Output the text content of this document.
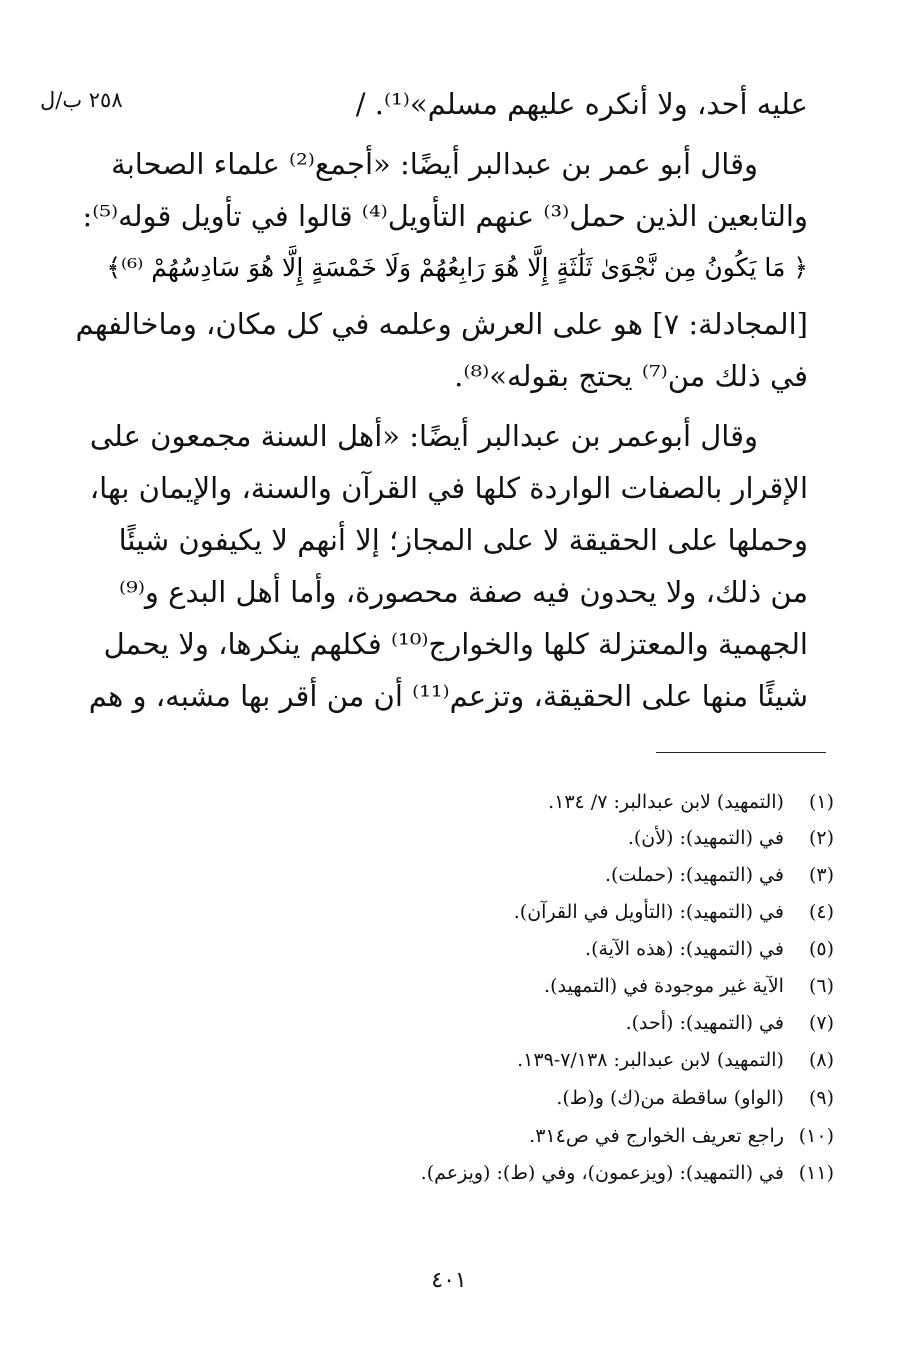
٢٥٨ ب/ل	عليه أحد، ولا أنكره عليهم مسلم»⁽¹⁾. /
وقال أبو عمر بن عبدالبر أيضًا: «أجمع⁽²⁾ علماء الصحابة
والتابعين الذين حمل⁽³⁾ عنهم التأويل⁽⁴⁾ قالوا في تأويل قوله⁽⁵⁾:
﴿ مَا يَكُونُ مِن نَّجْوَىٰ ثَلَٰثَةٍ إِلَّا هُوَ رَابِعُهُمْ وَلَا خَمْسَةٍ إِلَّا هُوَ سَادِسُهُمْ ⁽⁶⁾﴾
[المجادلة: ٧] هو على العرش وعلمه في كل مكان، وماخالفهم
في ذلك من⁽⁷⁾ يحتج بقوله»⁽⁸⁾.
وقال أبوعمر بن عبدالبر أيضًا: «أهل السنة مجمعون على
الإقرار بالصفات الواردة كلها في القرآن والسنة، والإيمان بها،
وحملها على الحقيقة لا على المجاز؛ إلا أنهم لا يكيفون شيئًا
من ذلك، ولا يحدون فيه صفة محصورة، وأما أهل البدع و⁽⁹⁾
الجهمية والمعتزلة كلها والخوارج⁽¹⁰⁾ فكلهم ينكرها، ولا يحمل
شيئًا منها على الحقيقة، وتزعم⁽¹¹⁾ أن من أقر بها مشبه، و هم
(١) (التمهيد) لابن عبدالبر: ٧/ ١٣٤.
(٢) في (التمهيد): (لأن).
(٣) في (التمهيد): (حملت).
(٤) في (التمهيد): (التأويل في القرآن).
(٥) في (التمهيد): (هذه الآية).
(٦) الآية غير موجودة في (التمهيد).
(٧) في (التمهيد): (أحد).
(٨) (التمهيد) لابن عبدالبر: ٧/١٣٨-١٣٩.
(٩) (الواو) ساقطة من(ك) و(ط).
(١٠) راجع تعريف الخوارج في ص٣١٤.
(١١) في (التمهيد): (ويزعمون)، وفي (ط): (ويزعم).
٤٠١
